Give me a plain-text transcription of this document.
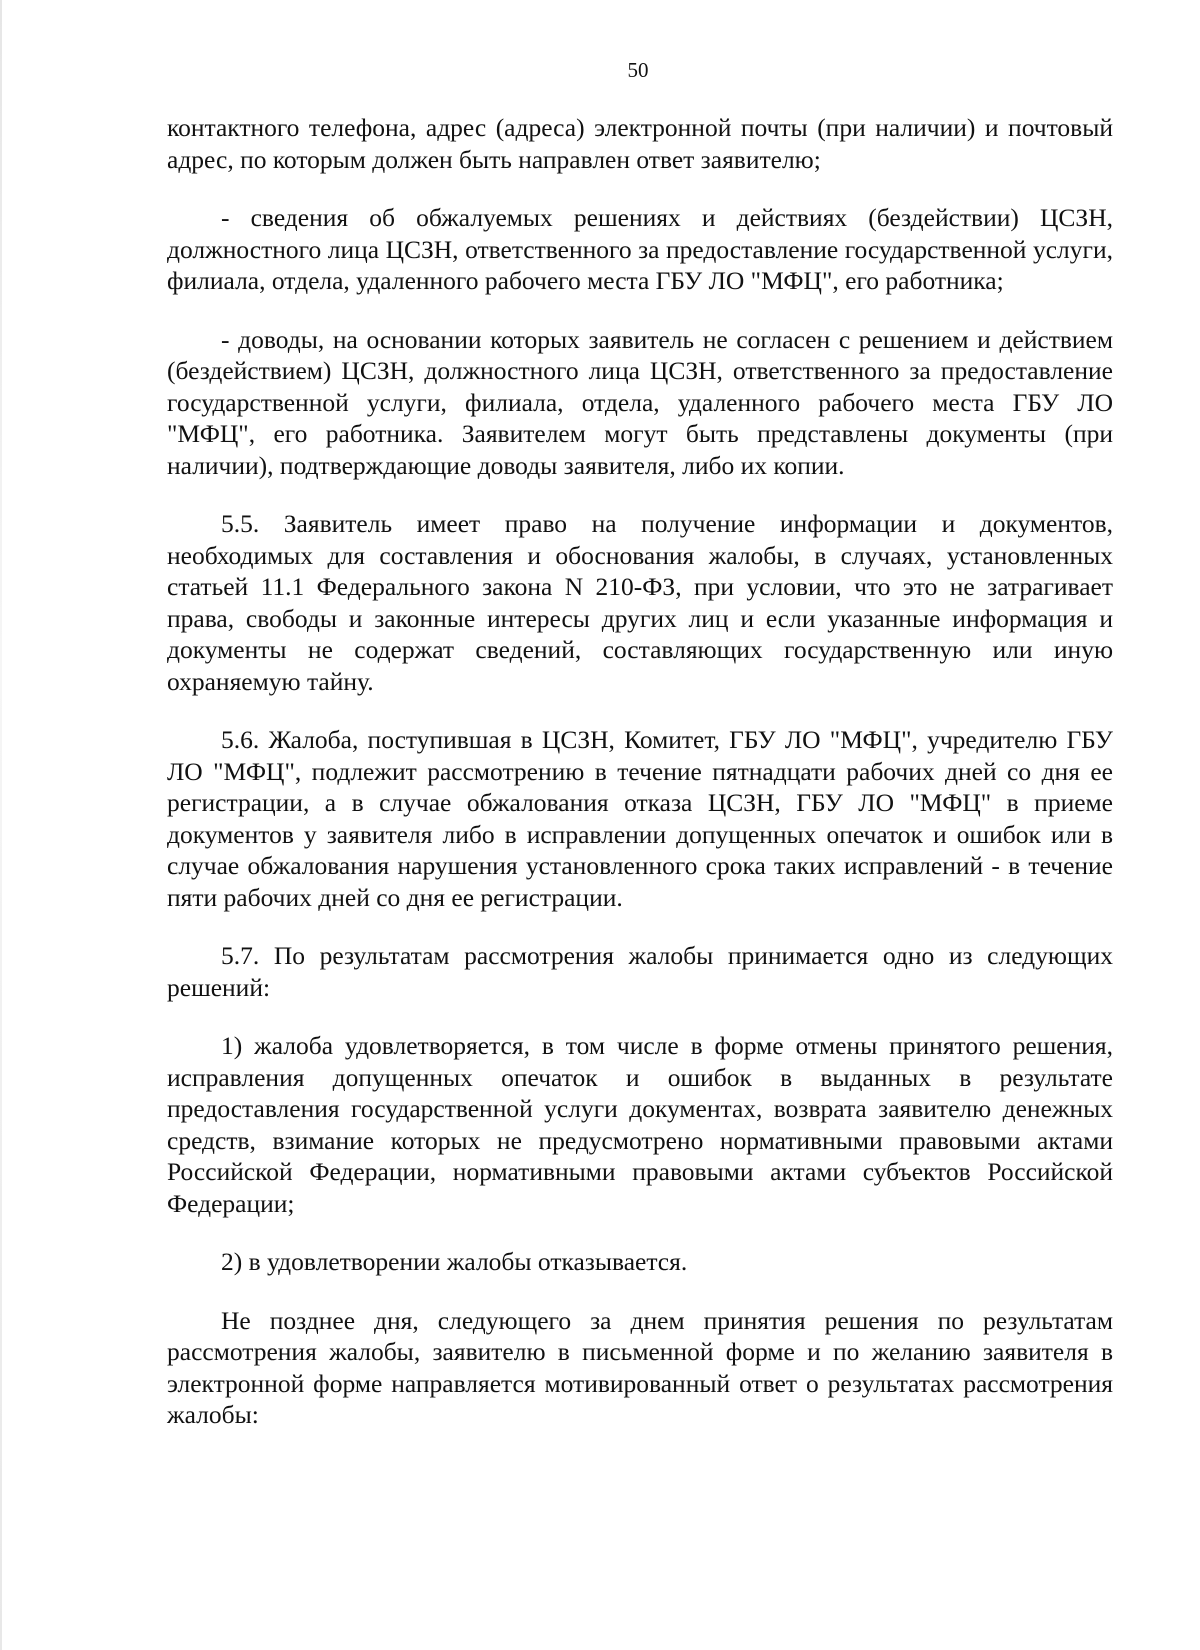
50

контактного телефона, адрес (адреса) электронной почты (при наличии) и почтовый адрес, по которым должен быть направлен ответ заявителю;

- сведения об обжалуемых решениях и действиях (бездействии) ЦСЗН, должностного лица ЦСЗН, ответственного за предоставление государственной услуги, филиала, отдела, удаленного рабочего места ГБУ ЛО "МФЦ", его работника;

- доводы, на основании которых заявитель не согласен с решением и действием (бездействием) ЦСЗН, должностного лица ЦСЗН, ответственного за предоставление государственной услуги, филиала, отдела, удаленного рабочего места ГБУ ЛО "МФЦ", его работника. Заявителем могут быть представлены документы (при наличии), подтверждающие доводы заявителя, либо их копии.

5.5. Заявитель имеет право на получение информации и документов, необходимых для составления и обоснования жалобы, в случаях, установленных статьей 11.1 Федерального закона N 210-ФЗ, при условии, что это не затрагивает права, свободы и законные интересы других лиц и если указанные информация и документы не содержат сведений, составляющих государственную или иную охраняемую тайну.

5.6. Жалоба, поступившая в ЦСЗН, Комитет, ГБУ ЛО "МФЦ", учредителю ГБУ ЛО "МФЦ", подлежит рассмотрению в течение пятнадцати рабочих дней со дня ее регистрации, а в случае обжалования отказа ЦСЗН, ГБУ ЛО "МФЦ" в приеме документов у заявителя либо в исправлении допущенных опечаток и ошибок или в случае обжалования нарушения установленного срока таких исправлений - в течение пяти рабочих дней со дня ее регистрации.

5.7. По результатам рассмотрения жалобы принимается одно из следующих решений:

1) жалоба удовлетворяется, в том числе в форме отмены принятого решения, исправления допущенных опечаток и ошибок в выданных в результате предоставления государственной услуги документах, возврата заявителю денежных средств, взимание которых не предусмотрено нормативными правовыми актами Российской Федерации, нормативными правовыми актами субъектов Российской Федерации;

2) в удовлетворении жалобы отказывается.

Не позднее дня, следующего за днем принятия решения по результатам рассмотрения жалобы, заявителю в письменной форме и по желанию заявителя в электронной форме направляется мотивированный ответ о результатах рассмотрения жалобы:
